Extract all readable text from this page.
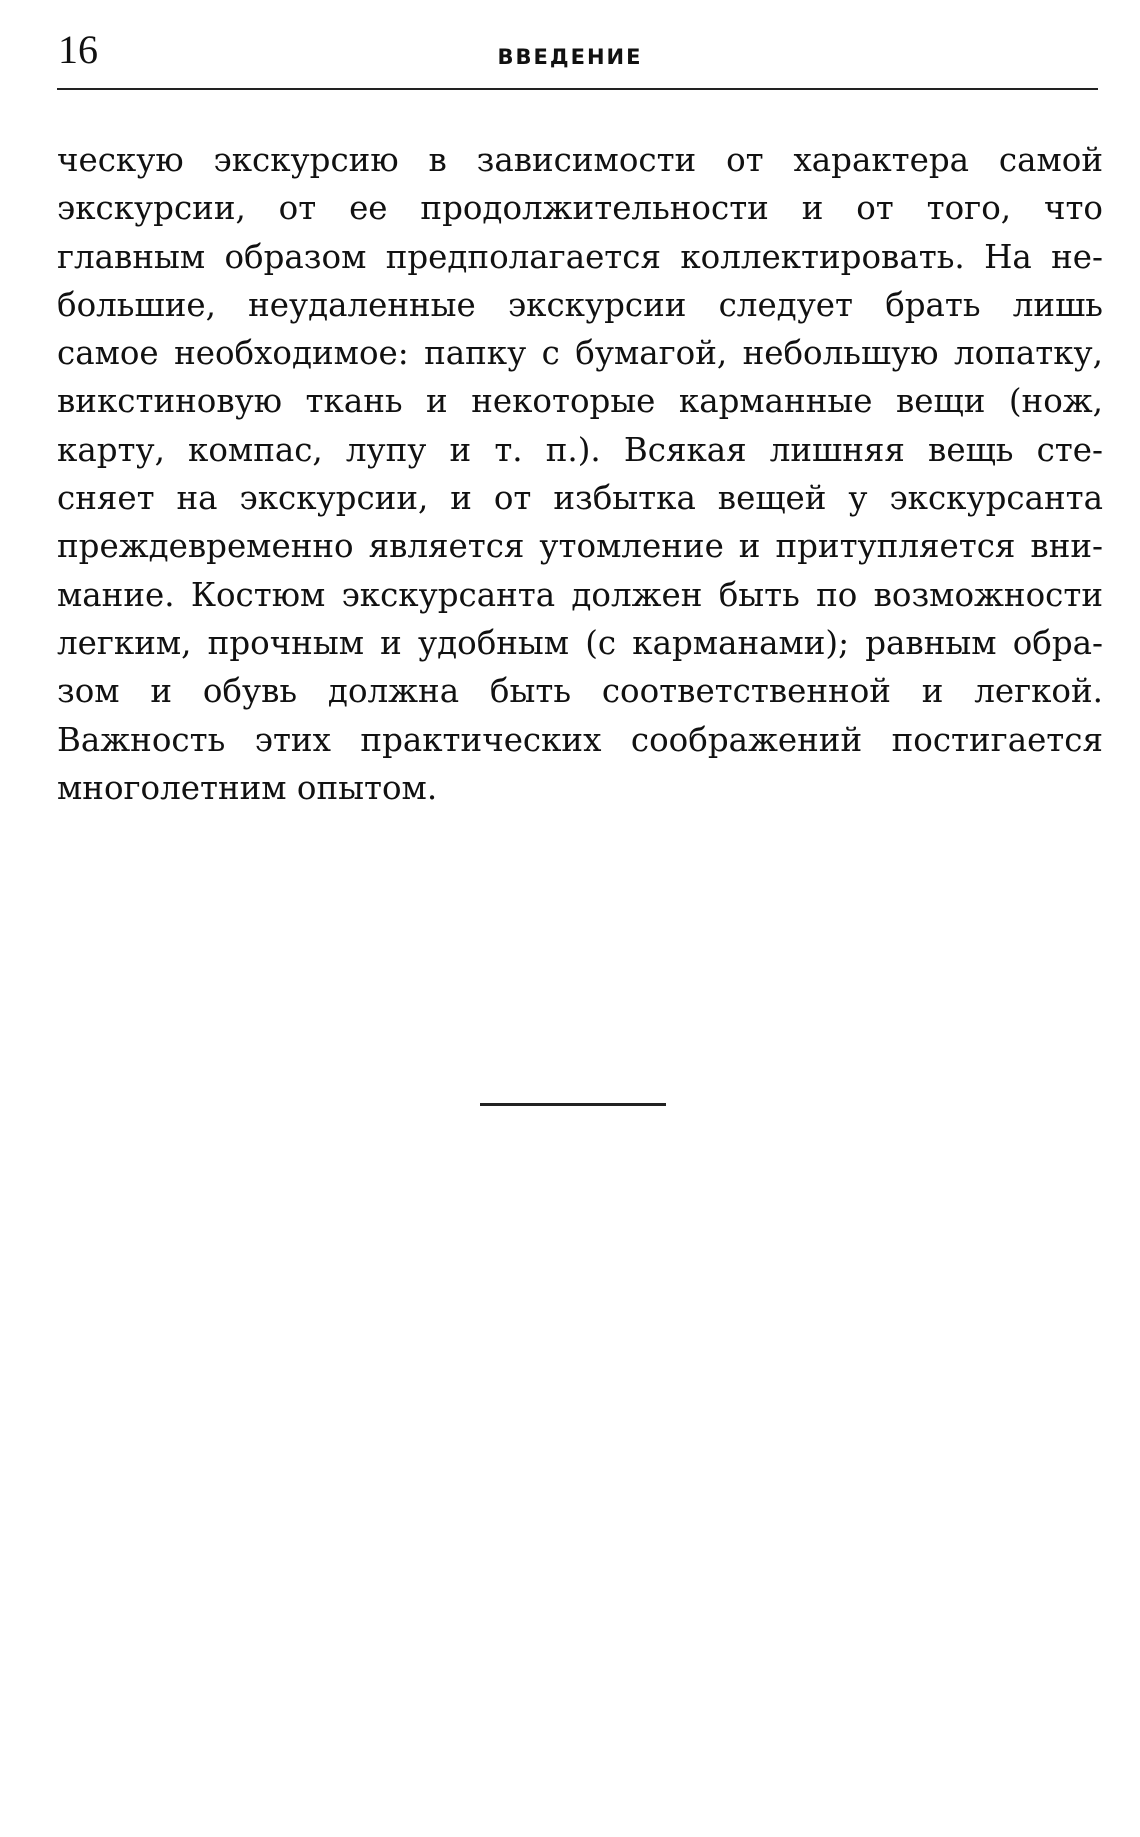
16	ВВЕДЕНИЕ
ческую экскурсию в зависимости от характера самой
экскурсии, от ее продолжительности и от того, что
главным образом предполагается коллектировать. На не-
большие, неудаленные экскурсии следует брать лишь
самое необходимое: папку с бумагой, небольшую лопатку,
викстиновую ткань и некоторые карманные вещи (нож,
карту, компас, лупу и т. п.). Всякая лишняя вещь сте-
сняет на экскурсии, и от избытка вещей у экскурсанта
преждевременно является утомление и притупляется вни-
мание. Костюм экскурсанта должен быть по возможности
легким, прочным и удобным (с карманами); равным обра-
зом и обувь должна быть соответственной и легкой.
Важность этих практических соображений постигается
многолетним опытом.
